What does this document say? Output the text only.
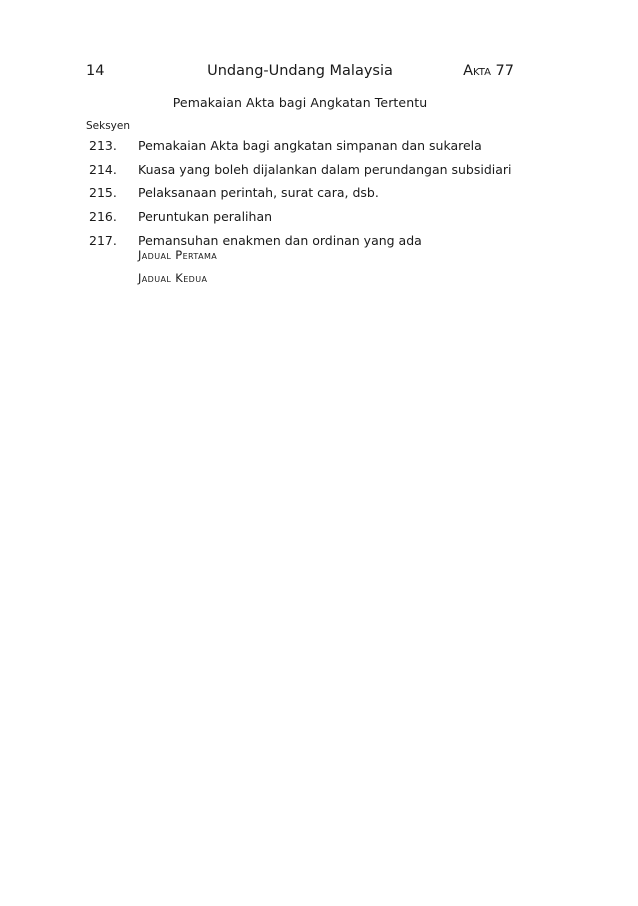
14	Undang-Undang Malaysia	Akta 77
Pemakaian Akta bagi Angkatan Tertentu
Seksyen
213. Pemakaian Akta bagi angkatan simpanan dan sukarela
214. Kuasa yang boleh dijalankan dalam perundangan subsidiari
215. Pelaksanaan perintah, surat cara, dsb.
216. Peruntukan peralihan
217. Pemansuhan enakmen dan ordinan yang ada
Jadual Pertama
Jadual Kedua
